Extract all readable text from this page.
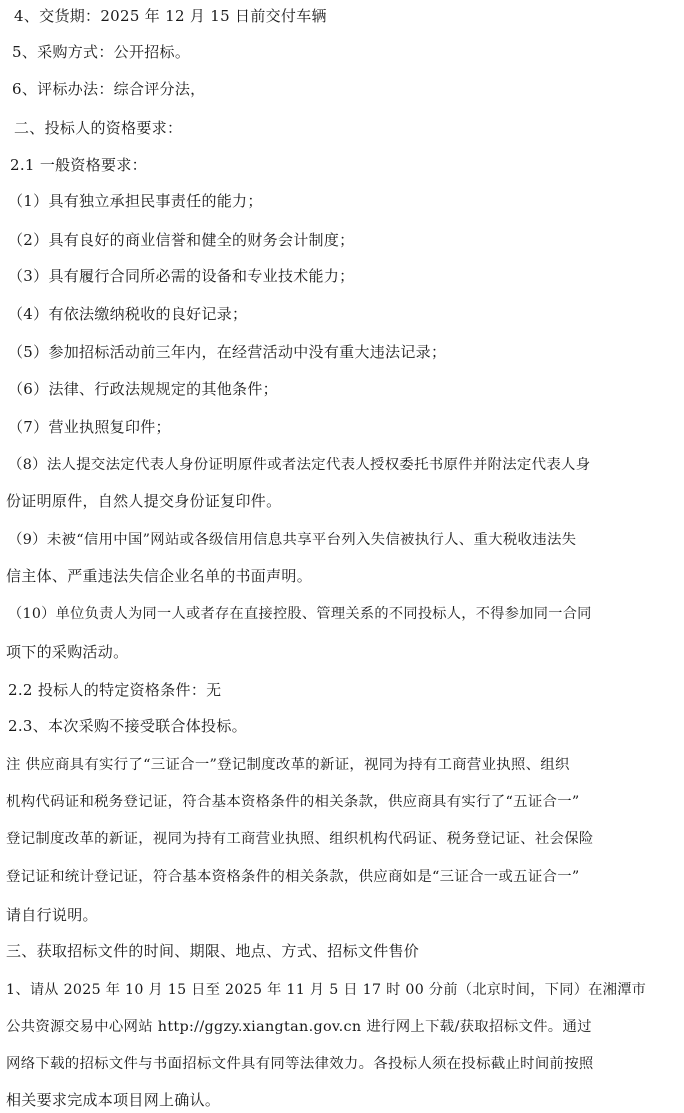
4、交货期：2025 年 12 月 15 日前交付车辆
5、采购方式：公开招标。
6、评标办法：综合评分法，
二、投标人的资格要求：
2.1 一般资格要求：
（1）具有独立承担民事责任的能力；
（2）具有良好的商业信誉和健全的财务会计制度；
（3）具有履行合同所必需的设备和专业技术能力；
（4）有依法缴纳税收的良好记录；
（5）参加招标活动前三年内，在经营活动中没有重大违法记录；
（6）法律、行政法规规定的其他条件；
（7）营业执照复印件；
（8）法人提交法定代表人身份证明原件或者法定代表人授权委托书原件并附法定代表人身
份证明原件，自然人提交身份证复印件。
（9）未被“信用中国”网站或各级信用信息共享平台列入失信被执行人、重大税收违法失
信主体、严重违法失信企业名单的书面声明。
（10）单位负责人为同一人或者存在直接控股、管理关系的不同投标人，不得参加同一合同
项下的采购活动。
2.2 投标人的特定资格条件：无
2.3、本次采购不接受联合体投标。
注 供应商具有实行了“三证合一”登记制度改革的新证，视同为持有工商营业执照、组织
机构代码证和税务登记证，符合基本资格条件的相关条款，供应商具有实行了“五证合一”
登记制度改革的新证，视同为持有工商营业执照、组织机构代码证、税务登记证、社会保险
登记证和统计登记证，符合基本资格条件的相关条款，供应商如是“三证合一或五证合一”
请自行说明。
三、获取招标文件的时间、期限、地点、方式、招标文件售价
1、请从 2025 年 10 月 15 日至 2025 年 11 月 5 日 17 时 00 分前（北京时间，下同）在湘潭市
公共资源交易中心网站 http://ggzy.xiangtan.gov.cn 进行网上下载/获取招标文件。通过
网络下载的招标文件与书面招标文件具有同等法律效力。各投标人须在投标截止时间前按照
相关要求完成本项目网上确认。
